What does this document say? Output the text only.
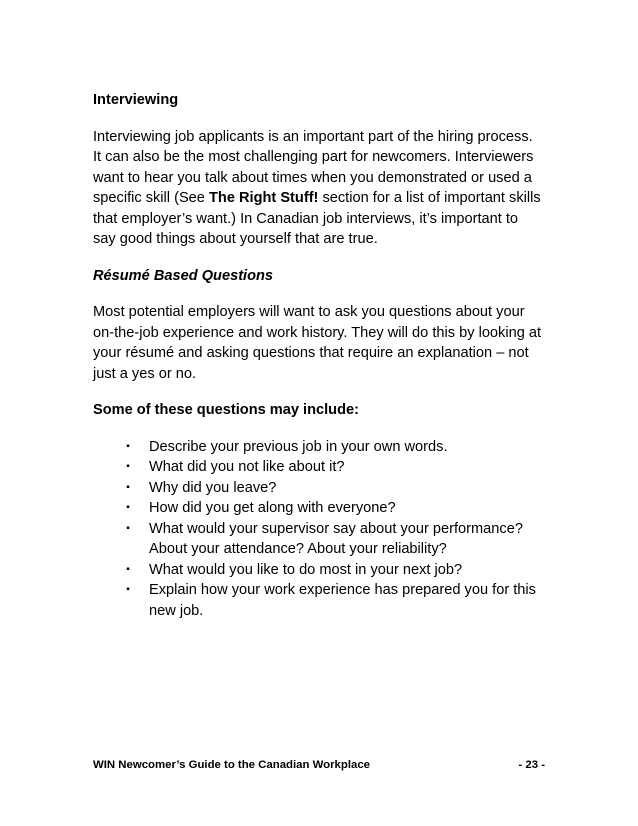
Interviewing
Interviewing job applicants is an important part of the hiring process.
It can also be the most challenging part for newcomers. Interviewers
want to hear you talk about times when you demonstrated or used a
specific skill (See The Right Stuff! section for a list of important skills
that employer’s want.) In Canadian job interviews, it’s important to
say good things about yourself that are true.
Résumé Based Questions
Most potential employers will want to ask you questions about your
on-the-job experience and work history. They will do this by looking at
your résumé and asking questions that require an explanation – not
just a yes or no.
Some of these questions may include:
▪ Describe your previous job in your own words.
▪ What did you not like about it?
▪ Why did you leave?
▪ How did you get along with everyone?
▪ What would your supervisor say about your performance?
About your attendance? About your reliability?
▪ What would you like to do most in your next job?
▪ Explain how your work experience has prepared you for this
new job.
WIN Newcomer’s Guide to the Canadian Workplace	- 23 -
